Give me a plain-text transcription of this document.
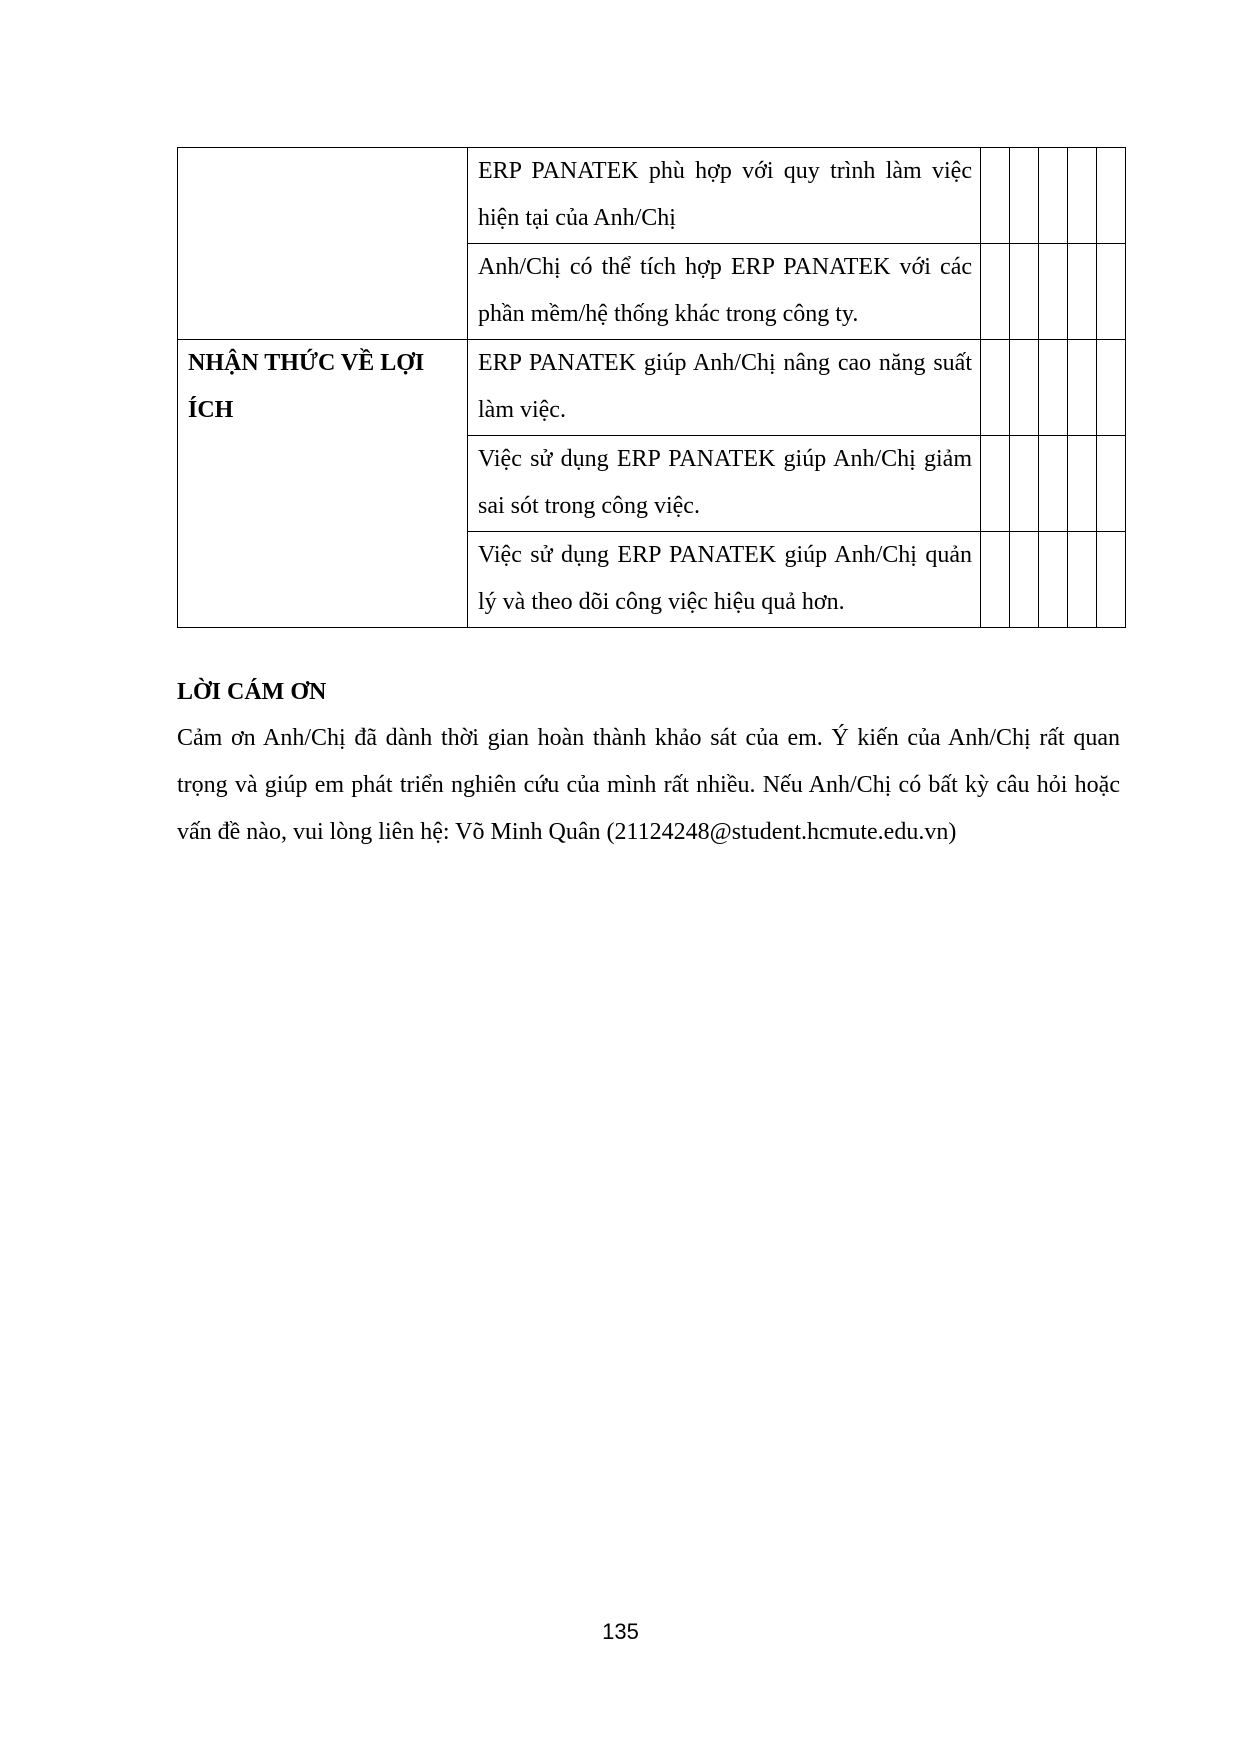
	ERP PANATEK phù hợp với quy trình làm việc hiện tại của Anh/Chị					
	Anh/Chị có thể tích hợp ERP PANATEK với các phần mềm/hệ thống khác trong công ty.					
NHẬN THỨC VỀ LỢI ÍCH	ERP PANATEK giúp Anh/Chị nâng cao năng suất làm việc.					
	Việc sử dụng ERP PANATEK giúp Anh/Chị giảm sai sót trong công việc.					
	Việc sử dụng ERP PANATEK giúp Anh/Chị quản lý và theo dõi công việc hiệu quả hơn.					
LỜI CÁM ƠN

Cảm ơn Anh/Chị đã dành thời gian hoàn thành khảo sát của em. Ý kiến của Anh/Chị rất quan trọng và giúp em phát triển nghiên cứu của mình rất nhiều. Nếu Anh/Chị có bất kỳ câu hỏi hoặc vấn đề nào, vui lòng liên hệ: Võ Minh Quân (21124248@student.hcmute.edu.vn)

135
